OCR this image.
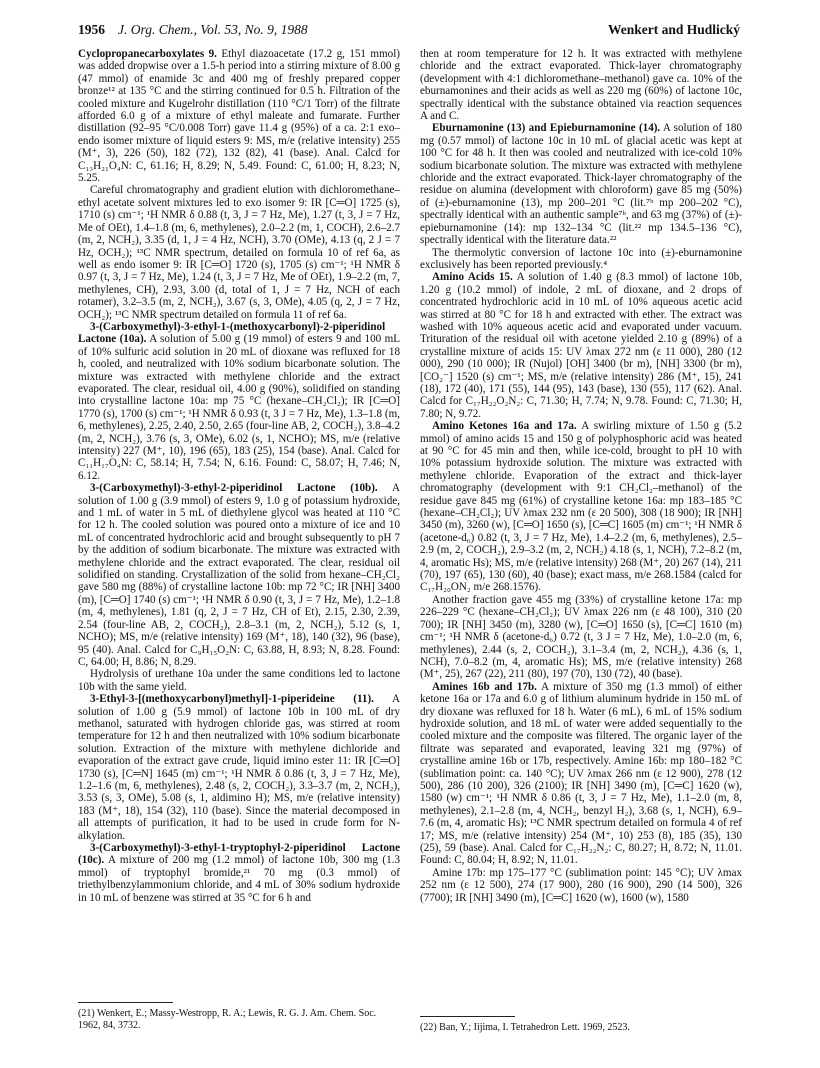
1956 J. Org. Chem., Vol. 53, No. 9, 1988	Wenkert and Hudlický

Cyclopropanecarboxylates 9. Ethyl diazoacetate (17.2 g, 151 mmol) was added dropwise over a 1.5-h period into a stirring mixture of 8.00 g (47 mmol) of enamide 3c and 400 mg of freshly prepared copper bronze¹² at 135 °C and the stirring continued for 0.5 h. Filtration of the cooled mixture and Kugelrohr distillation (110 °C/1 Torr) of the filtrate afforded 6.0 g of a mixture of ethyl maleate and fumarate. Further distillation (92–95 °C/0.008 Torr) gave 11.4 g (95%) of a ca. 2:1 exo–endo isomer mixture of liquid esters 9: MS, m/e (relative intensity) 255 (M⁺, 3), 226 (50), 182 (72), 132 (82), 41 (base). Anal. Calcd for C₁₃H₂₁O₄N: C, 61.16; H, 8.29; N, 5.49. Found: C, 61.00; H, 8.23; N, 5.25.

Careful chromatography and gradient elution with dichloromethane–ethyl acetate solvent mixtures led to exo isomer 9: IR [C═O] 1725 (s), 1710 (s) cm⁻¹; ¹H NMR δ 0.88 (t, 3, J = 7 Hz, Me), 1.27 (t, 3, J = 7 Hz, Me of OEt), 1.4–1.8 (m, 6, methylenes), 2.0–2.2 (m, 1, COCH), 2.6–2.7 (m, 2, NCH₂), 3.35 (d, 1, J = 4 Hz, NCH), 3.70 (OMe), 4.13 (q, 2 J = 7 Hz, OCH₂); ¹³C NMR spectrum, detailed on formula 10 of ref 6a, as well as endo isomer 9: IR [C═O] 1720 (s), 1705 (s) cm⁻¹; ¹H NMR δ 0.97 (t, 3, J = 7 Hz, Me), 1.24 (t, 3, J = 7 Hz, Me of OEt), 1.9–2.2 (m, 7, methylenes, CH), 2.93, 3.00 (d, total of 1, J = 7 Hz, NCH of each rotamer), 3.2–3.5 (m, 2, NCH₂), 3.67 (s, 3, OMe), 4.05 (q, 2, J = 7 Hz, OCH₂); ¹³C NMR spectrum detailed on formula 11 of ref 6a.

3-(Carboxymethyl)-3-ethyl-1-(methoxycarbonyl)-2-piperidinol Lactone (10a). A solution of 5.00 g (19 mmol) of esters 9 and 100 mL of 10% sulfuric acid solution in 20 mL of dioxane was refluxed for 18 h, cooled, and neutralized with 10% sodium bicarbonate solution. The mixture was extracted with methylene chloride and the extract evaporated. The clear, residual oil, 4.00 g (90%), solidified on standing into crystalline lactone 10a: mp 75 °C (hexane–CH₂Cl₂); IR [C═O] 1770 (s), 1700 (s) cm⁻¹; ¹H NMR δ 0.93 (t, 3 J = 7 Hz, Me), 1.3–1.8 (m, 6, methylenes), 2.25, 2.40, 2.50, 2.65 (four-line AB, 2, COCH₂), 3.8–4.2 (m, 2, NCH₂), 3.76 (s, 3, OMe), 6.02 (s, 1, NCHO); MS, m/e (relative intensity) 227 (M⁺, 10), 196 (65), 183 (25), 154 (base). Anal. Calcd for C₁₁H₁₇O₄N: C, 58.14; H, 7.54; N, 6.16. Found: C, 58.07; H, 7.46; N, 6.12.

3-(Carboxymethyl)-3-ethyl-2-piperidinol Lactone (10b). A solution of 1.00 g (3.9 mmol) of esters 9, 1.0 g of potassium hydroxide, and 1 mL of water in 5 mL of diethylene glycol was heated at 110 °C for 12 h. The cooled solution was poured onto a mixture of ice and 10 mL of concentrated hydrochloric acid and brought subsequently to pH 7 by the addition of sodium bicarbonate. The mixture was extracted with methylene chloride and the extract evaporated. The clear, residual oil solidified on standing. Crystallization of the solid from hexane–CH₂Cl₂ gave 580 mg (88%) of crystalline lactone 10b: mp 72 °C; IR [NH] 3400 (m), [C═O] 1740 (s) cm⁻¹; ¹H NMR δ 0.90 (t, 3, J = 7 Hz, Me), 1.2–1.8 (m, 4, methylenes), 1.81 (q, 2, J = 7 Hz, CH of Et), 2.15, 2.30, 2.39, 2.54 (four-line AB, 2, COCH₂), 2.8–3.1 (m, 2, NCH₂), 5.12 (s, 1, NCHO); MS, m/e (relative intensity) 169 (M⁺, 18), 140 (32), 96 (base), 95 (40). Anal. Calcd for C₉H₁₅O₂N: C, 63.88, H, 8.93; N, 8.28. Found: C, 64.00; H, 8.86; N, 8.29.

Hydrolysis of urethane 10a under the same conditions led to lactone 10b with the same yield.

3-Ethyl-3-[(methoxycarbonyl)methyl]-1-piperideine (11). A solution of 1.00 g (5.9 mmol) of lactone 10b in 100 mL of dry methanol, saturated with hydrogen chloride gas, was stirred at room temperature for 12 h and then neutralized with 10% sodium bicarbonate solution. Extraction of the mixture with methylene dichloride and evaporation of the extract gave crude, liquid imino ester 11: IR [C═O] 1730 (s), [C═N] 1645 (m) cm⁻¹; ¹H NMR δ 0.86 (t, 3, J = 7 Hz, Me), 1.2–1.6 (m, 6, methylenes), 2.48 (s, 2, COCH₂), 3.3–3.7 (m, 2, NCH₂), 3.53 (s, 3, OMe), 5.08 (s, 1, aldimino H); MS, m/e (relative intensity) 183 (M⁺, 18), 154 (32), 110 (base). Since the material decomposed in all attempts of purification, it had to be used in crude form for N-alkylation.

3-(Carboxymethyl)-3-ethyl-1-tryptophyl-2-piperidinol Lactone (10c). A mixture of 200 mg (1.2 mmol) of lactone 10b, 300 mg (1.3 mmol) of tryptophyl bromide,²¹ 70 mg (0.3 mmol) of triethylbenzylammonium chloride, and 4 mL of 30% sodium hydroxide in 10 mL of benzene was stirred at 35 °C for 6 h and

then at room temperature for 12 h. It was extracted with methylene chloride and the extract evaporated. Thick-layer chromatography (development with 4:1 dichloromethane–methanol) gave ca. 10% of the eburnamonines and their acids as well as 220 mg (60%) of lactone 10c, spectrally identical with the substance obtained via reaction sequences A and C.

Eburnamonine (13) and Epieburnamonine (14). A solution of 180 mg (0.57 mmol) of lactone 10c in 10 mL of glacial acetic was kept at 100 °C for 48 h. It then was cooled and neutralized with ice-cold 10% sodium bicarbonate solution. The mixture was extracted with methylene chloride and the extract evaporated. Thick-layer chromatography of the residue on alumina (development with chloroform) gave 85 mg (50%) of (±)-eburnamonine (13), mp 200–201 °C (lit.⁷ᵇ mp 200–202 °C), spectrally identical with an authentic sample⁷ᵇ, and 63 mg (37%) of (±)-epieburnamonine (14): mp 132–134 °C (lit.²² mp 134.5–136 °C), spectrally identical with the literature data.²²

The thermolytic conversion of lactone 10c into (±)-eburnamonine exclusively has been reported previously.⁴

Amino Acids 15. A solution of 1.40 g (8.3 mmol) of lactone 10b, 1.20 g (10.2 mmol) of indole, 2 mL of dioxane, and 2 drops of concentrated hydrochloric acid in 10 mL of 10% aqueous acetic acid was stirred at 80 °C for 18 h and extracted with ether. The extract was washed with 10% aqueous acetic acid and evaporated under vacuum. Trituration of the residual oil with acetone yielded 2.10 g (89%) of a crystalline mixture of acids 15: UV λmax 272 nm (ε 11 000), 280 (12 000), 290 (10 000); IR (Nujol) [OH] 3400 (br m), [NH] 3300 (br m), [CO₂⁻] 1520 (s) cm⁻¹; MS, m/e (relative intensity) 286 (M⁺, 15), 241 (18), 172 (40), 171 (55), 144 (95), 143 (base), 130 (55), 117 (62). Anal. Calcd for C₁₇H₂₂O₂N₂: C, 71.30; H, 7.74; N, 9.78. Found: C, 71.30; H, 7.80; N, 9.72.

Amino Ketones 16a and 17a. A swirling mixture of 1.50 g (5.2 mmol) of amino acids 15 and 150 g of polyphosphoric acid was heated at 90 °C for 45 min and then, while ice-cold, brought to pH 10 with 10% potassium hydroxide solution. The mixture was extracted with methylene chloride. Evaporation of the extract and thick-layer chromatography (development with 9:1 CH₂Cl₂–methanol) of the residue gave 845 mg (61%) of crystalline ketone 16a: mp 183–185 °C (hexane–CH₂Cl₂); UV λmax 232 nm (ε 20 500), 308 (18 900); IR [NH] 3450 (m), 3260 (w), [C═O] 1650 (s), [C═C] 1605 (m) cm⁻¹; ¹H NMR δ (acetone-d₆) 0.82 (t, 3, J = 7 Hz, Me), 1.4–2.2 (m, 6, methylenes), 2.5–2.9 (m, 2, COCH₂), 2.9–3.2 (m, 2, NCH₂) 4.18 (s, 1, NCH), 7.2–8.2 (m, 4, aromatic Hs); MS, m/e (relative intensity) 268 (M⁺, 20) 267 (14), 211 (70), 197 (65), 130 (60), 40 (base); exact mass, m/e 268.1584 (calcd for C₁₇H₂₀ON₂ m/e 268.1576).

Another fraction gave 455 mg (33%) of crystalline ketone 17a: mp 226–229 °C (hexane–CH₂Cl₂); UV λmax 226 nm (ε 48 100), 310 (20 700); IR [NH] 3450 (m), 3280 (w), [C═O] 1650 (s), [C═C] 1610 (m) cm⁻¹; ¹H NMR δ (acetone-d₆) 0.72 (t, 3 J = 7 Hz, Me), 1.0–2.0 (m, 6, methylenes), 2.44 (s, 2, COCH₂), 3.1–3.4 (m, 2, NCH₂), 4.36 (s, 1, NCH), 7.0–8.2 (m, 4, aromatic Hs); MS, m/e (relative intensity) 268 (M⁺, 25), 267 (22), 211 (80), 197 (70), 130 (72), 40 (base).

Amines 16b and 17b. A mixture of 350 mg (1.3 mmol) of either ketone 16a or 17a and 6.0 g of lithium aluminum hydride in 150 mL of dry dioxane was refluxed for 18 h. Water (6 mL), 6 mL of 15% sodium hydroxide solution, and 18 mL of water were added sequentially to the cooled mixture and the composite was filtered. The organic layer of the filtrate was separated and evaporated, leaving 321 mg (97%) of crystalline amine 16b or 17b, respectively. Amine 16b: mp 180–182 °C (sublimation point: ca. 140 °C); UV λmax 266 nm (ε 12 900), 278 (12 500), 286 (10 200), 326 (2100); IR [NH] 3490 (m), [C═C] 1620 (w), 1580 (w) cm⁻¹; ¹H NMR δ 0.86 (t, 3, J = 7 Hz, Me), 1.1–2.0 (m, 8, methylenes), 2.1–2.8 (m, 4, NCH₂, benzyl H₂), 3.68 (s, 1, NCH), 6.9–7.6 (m, 4, aromatic Hs); ¹³C NMR spectrum detailed on formula 4 of ref 17; MS, m/e (relative intensity) 254 (M⁺, 10) 253 (8), 185 (35), 130 (25), 59 (base). Anal. Calcd for C₁₇H₂₂N₂: C, 80.27; H, 8.72; N, 11.01. Found: C, 80.04; H, 8.92; N, 11.01.

Amine 17b: mp 175–177 °C (sublimation point: 145 °C); UV λmax 252 nm (ε 12 500), 274 (17 900), 280 (16 900), 290 (14 500), 326 (7700); IR [NH] 3490 (m), [C═C] 1620 (w), 1600 (w), 1580

(21) Wenkert, E.; Massy-Westropp, R. A.; Lewis, R. G. J. Am. Chem. Soc. 1962, 84, 3732.	(22) Ban, Y.; Iijima, I. Tetrahedron Lett. 1969, 2523.
